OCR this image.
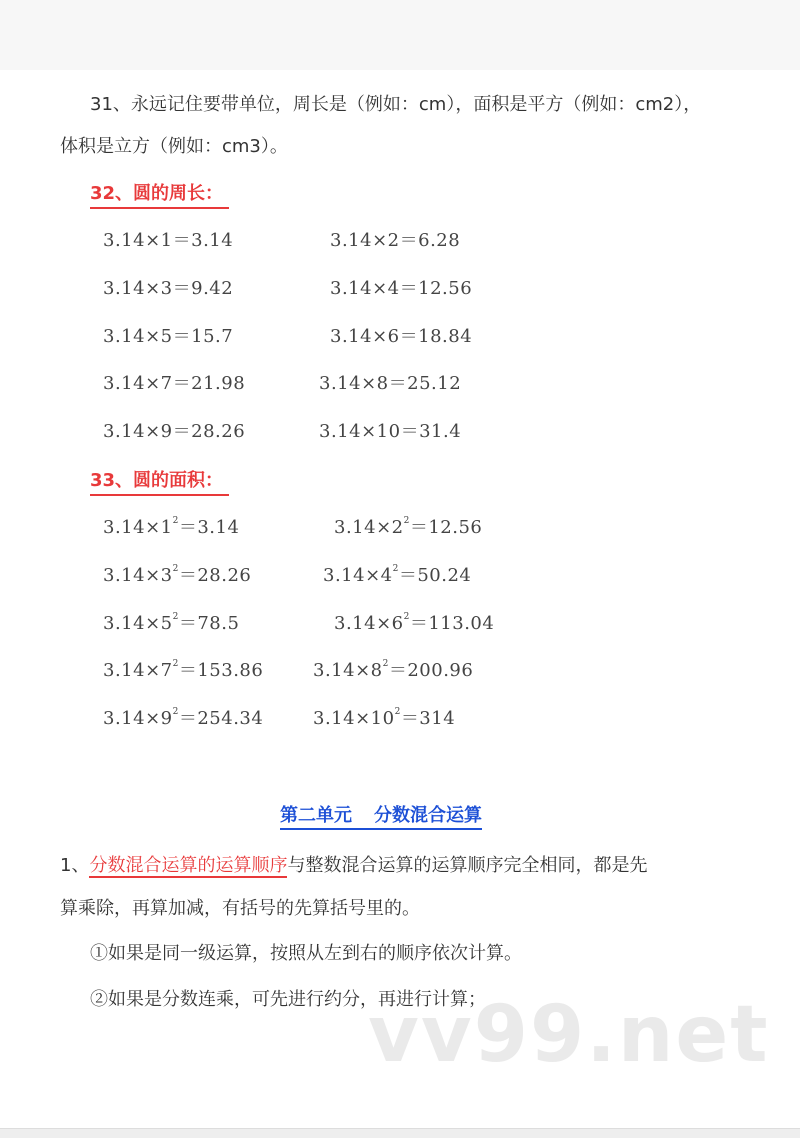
31、永远记住要带单位，周长是（例如：cm），面积是平方（例如：cm2），
体积是立方（例如：cm3）。
32、圆的周长：
3.14×1＝3.14	3.14×2＝6.28
3.14×3＝9.42	3.14×4＝12.56
3.14×5＝15.7	3.14×6＝18.84
3.14×7＝21.98	3.14×8＝25.12
3.14×9＝28.26	3.14×10＝31.4
33、圆的面积：
$3.14\times 1^2=3.14$	$3.14\times 2^2=12.56$
$3.14\times 3^2=28.26$	$3.14\times 4^2=50.24$
$3.14\times 5^2=78.5$	$3.14\times 6^2=113.04$
$3.14\times 7^2=153.86$	$3.14\times 8^2=200.96$
$3.14\times 9^2=254.34$	$3.14\times 10^2=314$
第二单元 分数混合运算
1、分数混合运算的运算顺序与整数混合运算的运算顺序完全相同，都是先
算乘除，再算加减，有括号的先算括号里的。
①如果是同一级运算，按照从左到右的顺序依次计算。
②如果是分数连乘，可先进行约分，再进行计算；
vv99.net
